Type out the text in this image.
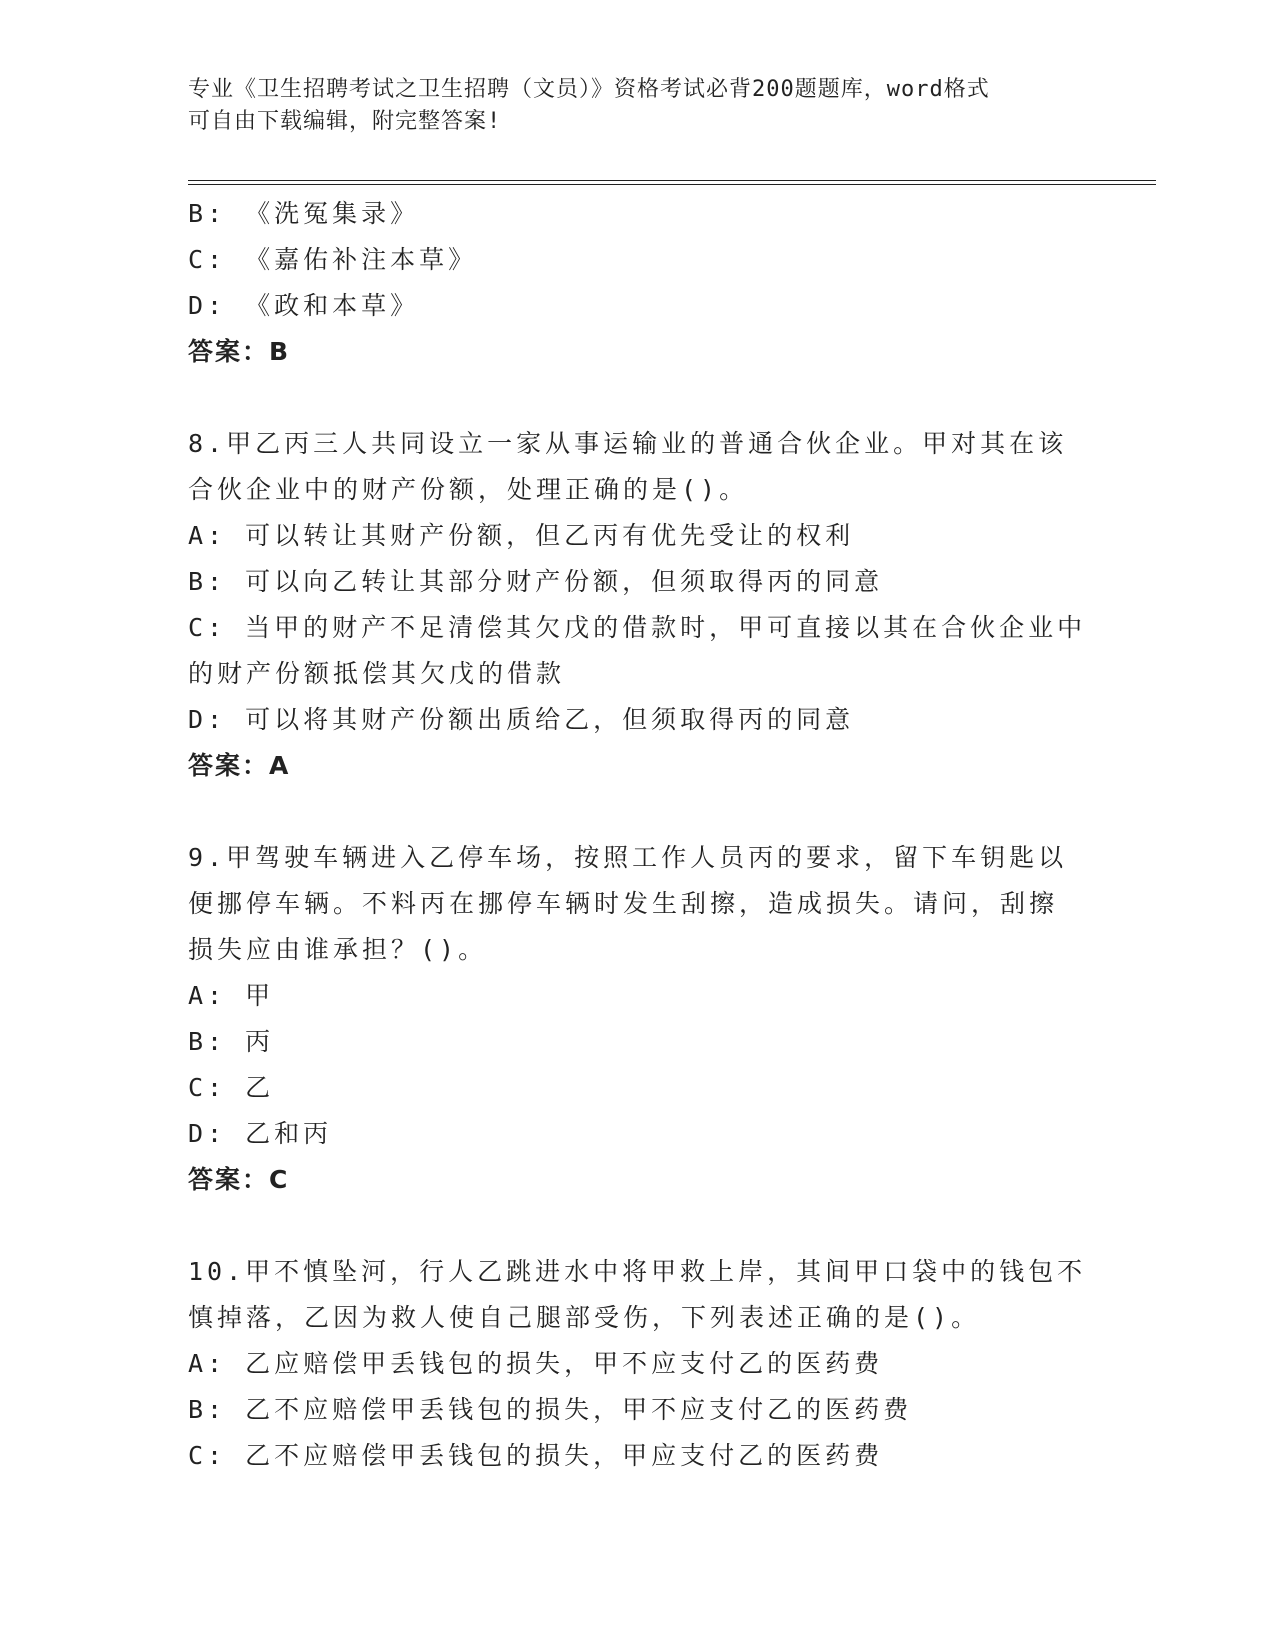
专业《卫生招聘考试之卫生招聘（文员）》资格考试必背200题题库，word格式
可自由下载编辑，附完整答案!
B: 《洗冤集录》
C: 《嘉佑补注本草》
D: 《政和本草》
答案：B
8.甲乙丙三人共同设立一家从事运输业的普通合伙企业。甲对其在该
合伙企业中的财产份额，处理正确的是()。
A: 可以转让其财产份额，但乙丙有优先受让的权利
B: 可以向乙转让其部分财产份额，但须取得丙的同意
C: 当甲的财产不足清偿其欠戊的借款时，甲可直接以其在合伙企业中
的财产份额抵偿其欠戊的借款
D: 可以将其财产份额出质给乙，但须取得丙的同意
答案：A
9.甲驾驶车辆进入乙停车场，按照工作人员丙的要求，留下车钥匙以
便挪停车辆。不料丙在挪停车辆时发生刮擦，造成损失。请问，刮擦
损失应由谁承担？()。
A: 甲
B: 丙
C: 乙
D: 乙和丙
答案：C
10.甲不慎坠河，行人乙跳进水中将甲救上岸，其间甲口袋中的钱包不
慎掉落，乙因为救人使自己腿部受伤，下列表述正确的是()。
A: 乙应赔偿甲丢钱包的损失，甲不应支付乙的医药费
B: 乙不应赔偿甲丢钱包的损失，甲不应支付乙的医药费
C: 乙不应赔偿甲丢钱包的损失，甲应支付乙的医药费
